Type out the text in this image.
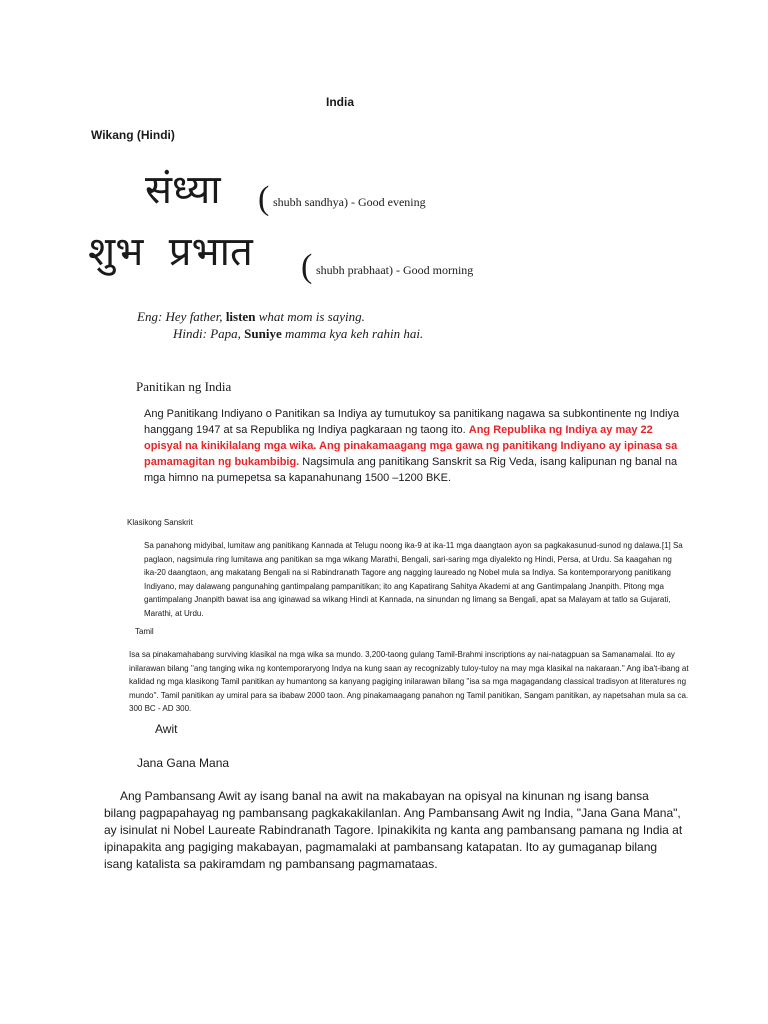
India
Wikang (Hindi)
संध्या ( shubh sandhya) - Good evening
शुभ  प्रभात ( shubh prabhaat) - Good morning
Eng: Hey father, listen what mom is saying.
Hindi: Papa, Suniye mamma kya keh rahin hai.
Panitikan ng India
Ang Panitikang Indiyano o Panitikan sa Indiya ay tumutukoy sa panitikang nagawa sa subkontinente ng Indiya hanggang 1947 at sa Republika ng Indiya pagkaraan ng taong ito. Ang Republika ng Indiya ay may 22 opisyal na kinikilalang mga wika. Ang pinakamaagang mga gawa ng panitikang Indiyano ay ipinasa sa pamamagitan ng bukambibig. Nagsimula ang panitikang Sanskrit sa Rig Veda, isang kalipunan ng banal na mga himno na pumepetsa sa kapanahunang 1500 –1200 BKE.
Klasikong Sanskrit
Sa panahong midyibal, lumitaw ang panitikang Kannada at Telugu noong ika-9 at ika-11 mga daangtaon ayon sa pagkakasunud-sunod ng dalawa.[1] Sa paglaon, nagsimula ring lumitawa ang panitikan sa mga wikang Marathi, Bengali, sari-saring mga diyalekto ng Hindi, Persa, at Urdu. Sa kaagahan ng ika-20 daangtaon, ang makatang Bengali na si Rabindranath Tagore ang nagging laureado ng Nobel mula sa Indiya. Sa kontemporaryong panitikang Indiyano, may dalawang pangunahing gantimpalang pampanitikan; ito ang Kapatirang Sahitya Akademi at ang Gantimpalang Jnanpith. Pitong mga gantimpalang Jnanpith bawat isa ang iginawad sa wikang Hindi at Kannada, na sinundan ng limang sa Bengali, apat sa Malayam at tatlo sa Gujarati, Marathi, at Urdu.
Tamil
Isa sa pinakamahabang surviving klasikal na mga wika sa mundo. 3,200-taong gulang Tamil-Brahmi inscriptions ay nai-natagpuan sa Samanamalai. Ito ay inilarawan bilang ''ang tanging wika ng kontemporaryong Indya na kung saan ay recognizably tuloy-tuloy na may mga klasikal na nakaraan.'' Ang iba't-ibang at kalidad ng mga klasikong Tamil panitikan ay humantong sa kanyang pagiging inilarawan bilang ''isa sa mga magagandang classical tradisyon at literatures ng mundo''. Tamil panitikan ay umiral para sa ibabaw 2000 taon. Ang pinakamaagang panahon ng Tamil panitikan, Sangam panitikan, ay napetsahan mula sa ca. 300 BC - AD 300.
Awit
Jana Gana Mana
Ang Pambansang Awit ay isang banal na awit na makabayan na opisyal na kinunan ng isang bansa bilang pagpapahayag ng pambansang pagkakakilanlan. Ang Pambansang Awit ng India, "Jana Gana Mana", ay isinulat ni Nobel Laureate Rabindranath Tagore. Ipinakikita ng kanta ang pambansang pamana ng India at ipinapakita ang pagiging makabayan, pagmamalaki at pambansang katapatan. Ito ay gumaganap bilang isang katalista sa pakiramdam ng pambansang pagmamataas.
